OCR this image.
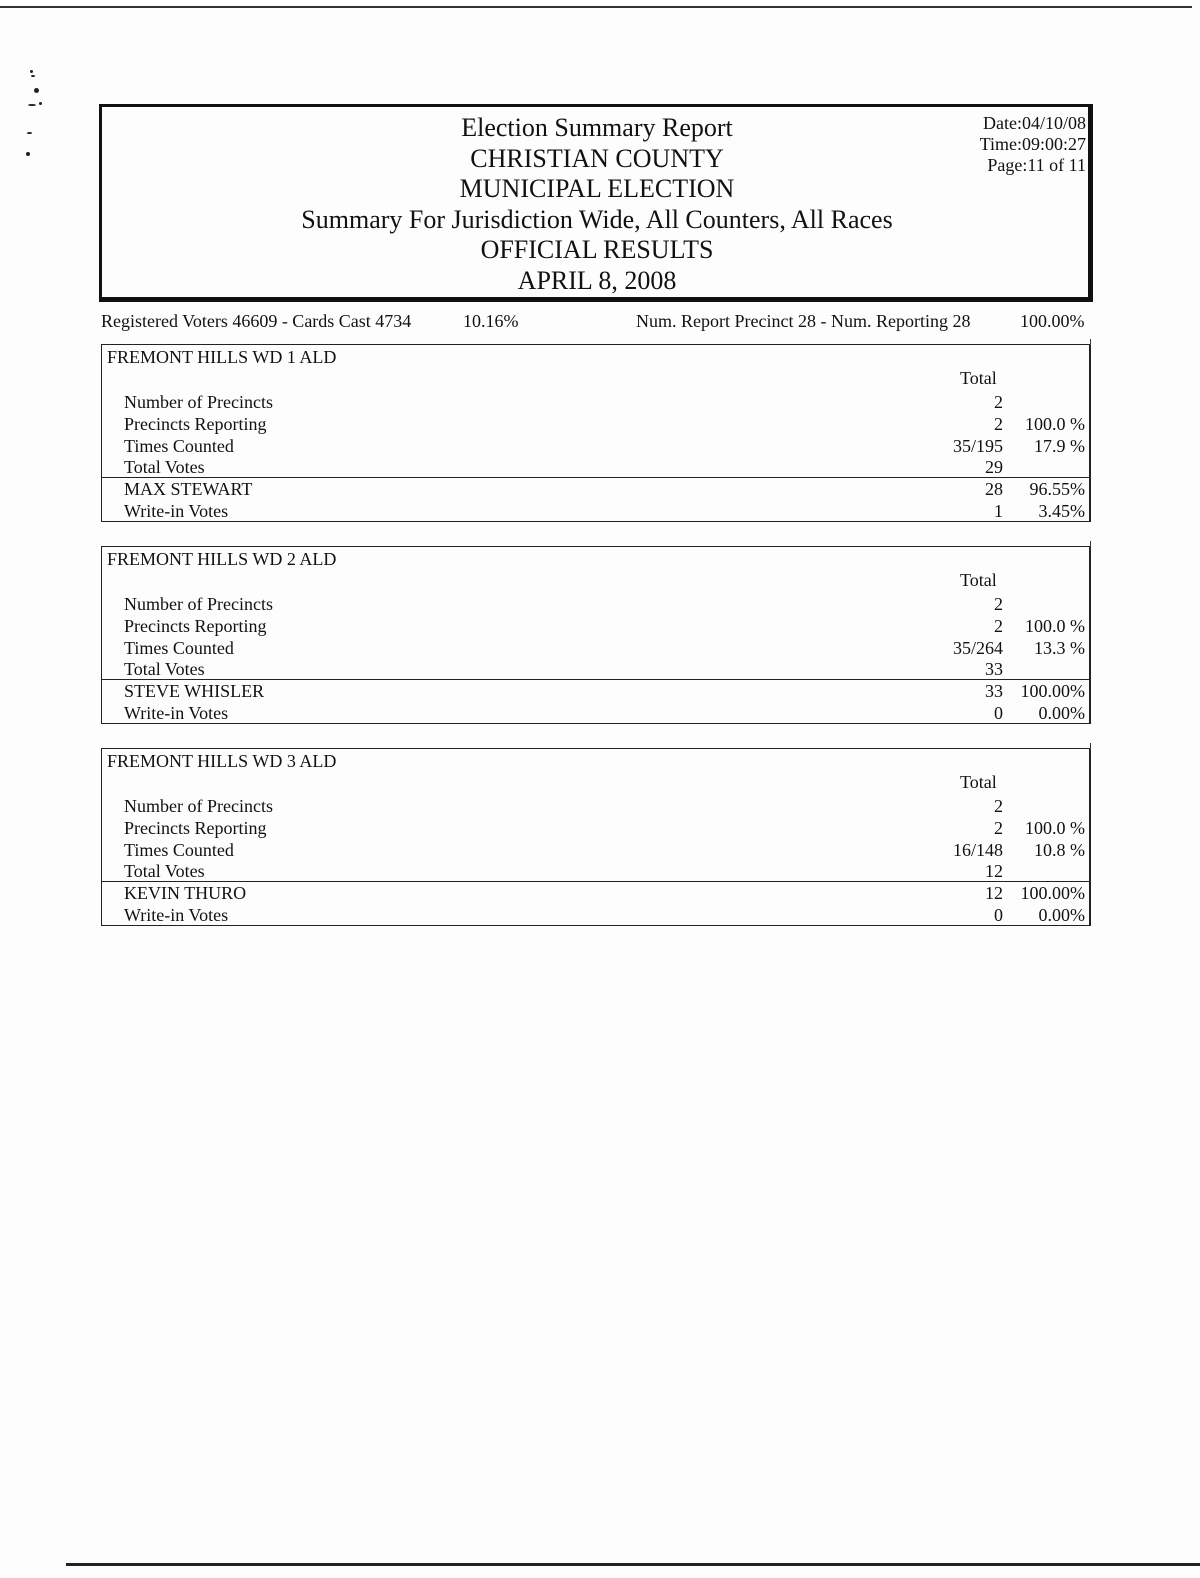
Election Summary Report
CHRISTIAN COUNTY
MUNICIPAL ELECTION
Summary For Jurisdiction Wide, All Counters, All Races
OFFICIAL RESULTS
APRIL 8, 2008
Date:04/10/08
Time:09:00:27
Page:11 of 11
Registered Voters 46609 - Cards Cast 4734	10.16%	Num. Report Precinct 28 - Num. Reporting 28	100.00%
FREMONT HILLS WD 1 ALD
Total
Number of Precincts	2
Precincts Reporting	2 100.0 %
Times Counted	35/195 17.9 %
Total Votes	29
MAX STEWART	28 96.55%
Write-in Votes	1 3.45%
FREMONT HILLS WD 2 ALD
Total
Number of Precincts	2
Precincts Reporting	2 100.0 %
Times Counted	35/264 13.3 %
Total Votes	33
STEVE WHISLER	33 100.00%
Write-in Votes	0 0.00%
FREMONT HILLS WD 3 ALD
Total
Number of Precincts	2
Precincts Reporting	2 100.0 %
Times Counted	16/148 10.8 %
Total Votes	12
KEVIN THURO	12 100.00%
Write-in Votes	0 0.00%
